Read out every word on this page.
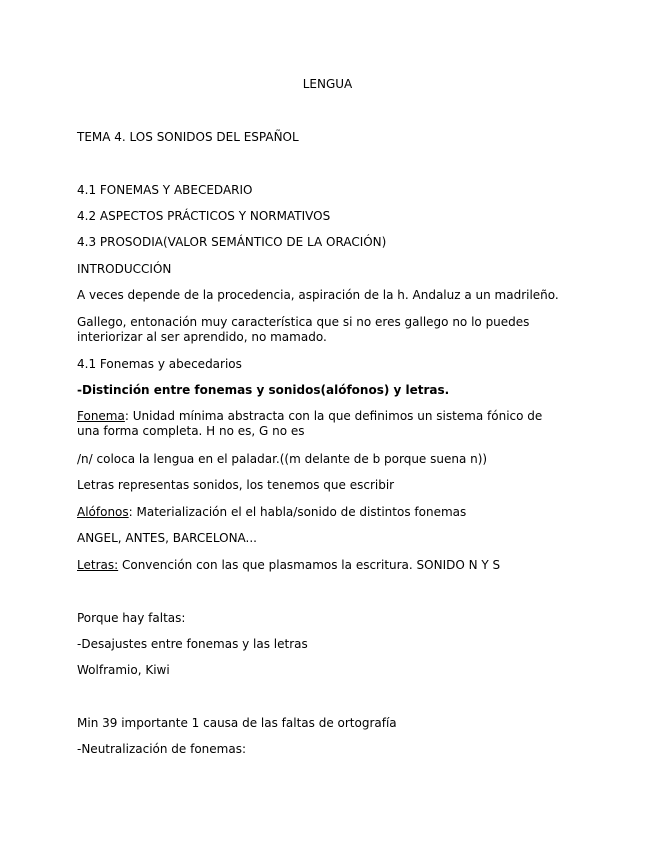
LENGUA
TEMA 4. LOS SONIDOS DEL ESPAÑOL
4.1 FONEMAS Y ABECEDARIO
4.2 ASPECTOS PRÁCTICOS Y NORMATIVOS
4.3 PROSODIA(VALOR SEMÁNTICO DE LA ORACIÓN)
INTRODUCCIÓN
A veces depende de la procedencia, aspiración de la h. Andaluz a un madrileño.
Gallego, entonación muy característica que si no eres gallego no lo puedes interiorizar al ser aprendido, no mamado.
4.1 Fonemas y abecedarios
-Distinción entre fonemas y sonidos(alófonos) y letras.
Fonema: Unidad mínima abstracta con la que definimos un sistema fónico de una forma completa. H no es, G no es
/n/ coloca la lengua en el paladar.((m delante de b porque suena n))
Letras representas sonidos, los tenemos que escribir
Alófonos: Materialización el el habla/sonido de distintos fonemas
ANGEL, ANTES, BARCELONA...
Letras: Convención con las que plasmamos la escritura. SONIDO N Y S
Porque hay faltas:
-Desajustes entre fonemas y las letras
Wolframio, Kiwi
Min 39 importante 1 causa de las faltas de ortografía
-Neutralización de fonemas:
